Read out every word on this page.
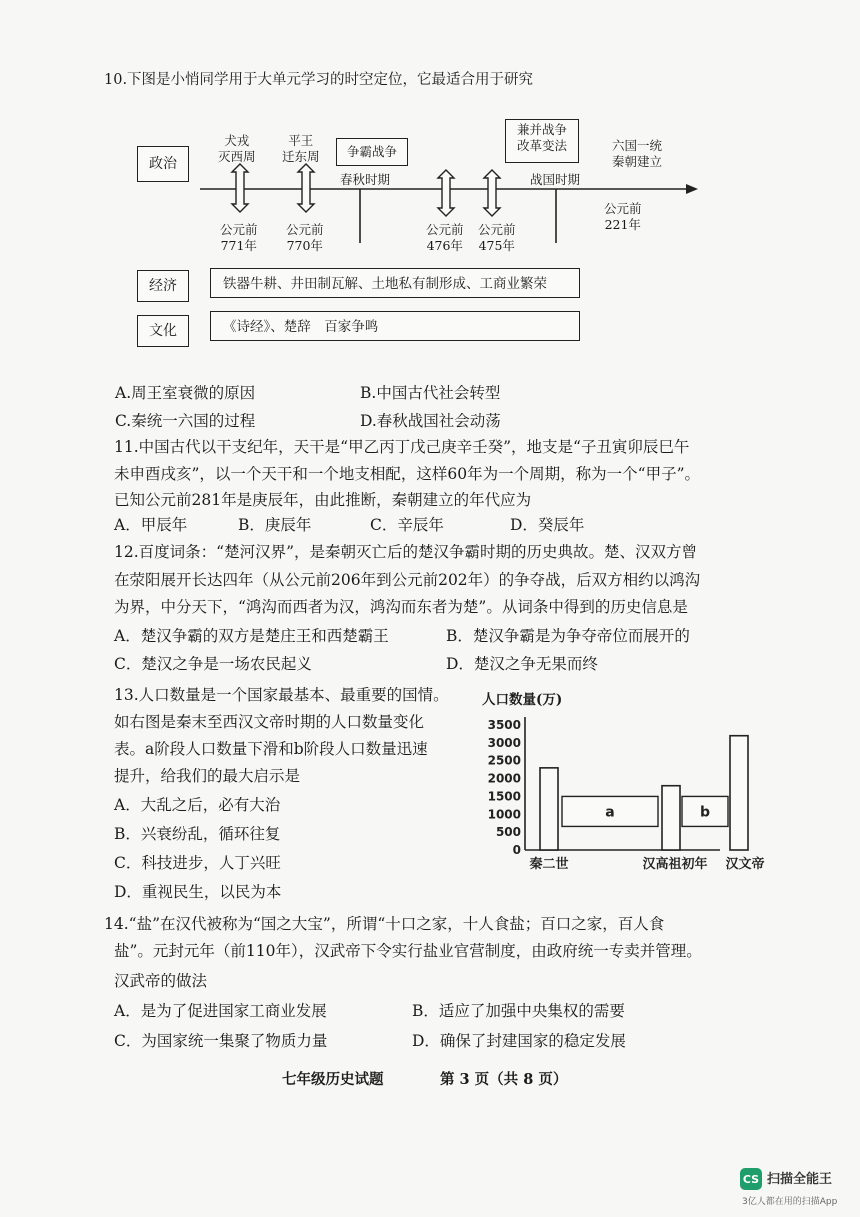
10.下图是小悄同学用于大单元学习的时空定位，它最适合用于研究
政治
经济
文化
犬戎
灭西周
平王
迁东周	争霸战争
兼并战争
改革变法	六国一统
秦朝建立
春秋时期	战国时期
公元前
771年
公元前
770年
公元前
476年
公元前
475年
公元前
221年
铁器牛耕、井田制瓦解、土地私有制形成、工商业繁荣
《诗经》、楚辞　百家争鸣
A.周王室衰微的原因	B.中国古代社会转型
C.秦统一六国的过程	D.春秋战国社会动荡
11.中国古代以干支纪年，天干是“甲乙丙丁戊己庚辛壬癸”，地支是“子丑寅卯辰巳午
未申酉戌亥”，以一个天干和一个地支相配，这样60年为一个周期，称为一个“甲子”。
已知公元前281年是庚辰年，由此推断，秦朝建立的年代应为
A．甲辰年	B．庚辰年	C．辛辰年	D．癸辰年
12.百度词条：“楚河汉界”，是秦朝灭亡后的楚汉争霸时期的历史典故。楚、汉双方曾
在荥阳展开长达四年（从公元前206年到公元前202年）的争夺战，后双方相约以鸿沟
为界，中分天下，“鸿沟而西者为汉，鸿沟而东者为楚”。从词条中得到的历史信息是
A．楚汉争霸的双方是楚庄王和西楚霸王	B．楚汉争霸是为争夺帝位而展开的
C．楚汉之争是一场农民起义	D．楚汉之争无果而终
13.人口数量是一个国家最基本、最重要的国情。
如右图是秦末至西汉文帝时期的人口数量变化
表。a阶段人口数量下滑和b阶段人口数量迅速
提升，给我们的最大启示是
A．大乱之后，必有大治
B．兴衰纷乱，循环往复
C．科技进步，人丁兴旺
D．重视民生，以民为本
人口数量(万)
0
500
1000
1500
2000
2500
3000
3500
a	b
秦二世	汉高祖初年 汉文帝
14.“盐”在汉代被称为“国之大宝”，所谓“十口之家，十人食盐；百口之家，百人食
盐”。元封元年（前110年），汉武帝下令实行盐业官营制度，由政府统一专卖并管理。
汉武帝的做法
A．是为了促进国家工商业发展	B．适应了加强中央集权的需要
C．为国家统一集聚了物质力量	D．确保了封建国家的稳定发展
七年级历史试题	第 3 页（共 8 页）
CS 扫描全能王
3亿人都在用的扫描App
